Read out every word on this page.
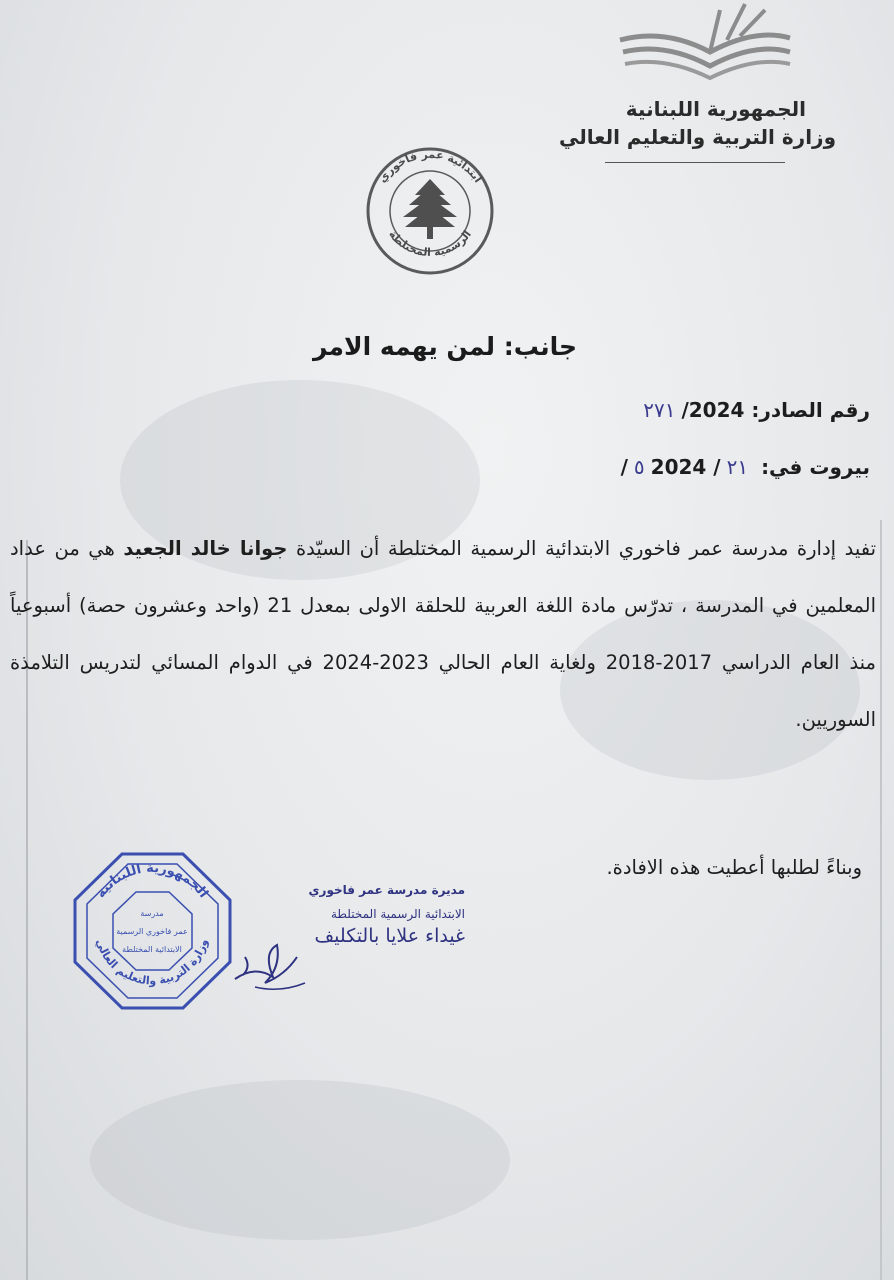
الجمهورية اللبنانية
وزارة التربية والتعليم العالي
ابتدائية عمر فاخوري
الرسمية المختلطة
جانب: لمن يهمه الامر
رقم الصادر: ٢٧١ /2024
بيروت في: ٢١/ ٥2024/
تفيد إدارة مدرسة عمر فاخوري الابتدائية الرسمية المختلطة أن السيّدة جوانا خالد الجعيد هي من عداد المعلمين في المدرسة ، تدرّس مادة اللغة العربية للحلقة الاولى بمعدل 21 (واحد وعشرون حصة) أسبوعياً منذ العام الدراسي 2017-2018 ولغاية العام الحالي 2023-2024 في الدوام المسائي لتدريس التلامذة السوريين.
وبناءً لطلبها أعطيت هذه الافادة.
الجمهورية اللبنانية
وزارة التربية والتعليم العالي
مدرسة
عمر فاخوري الرسمية
الابتدائية المختلطة
مديرة مدرسة عمر فاخوري
الابتدائية الرسمية المختلطة
غيداء علايا بالتكليف
